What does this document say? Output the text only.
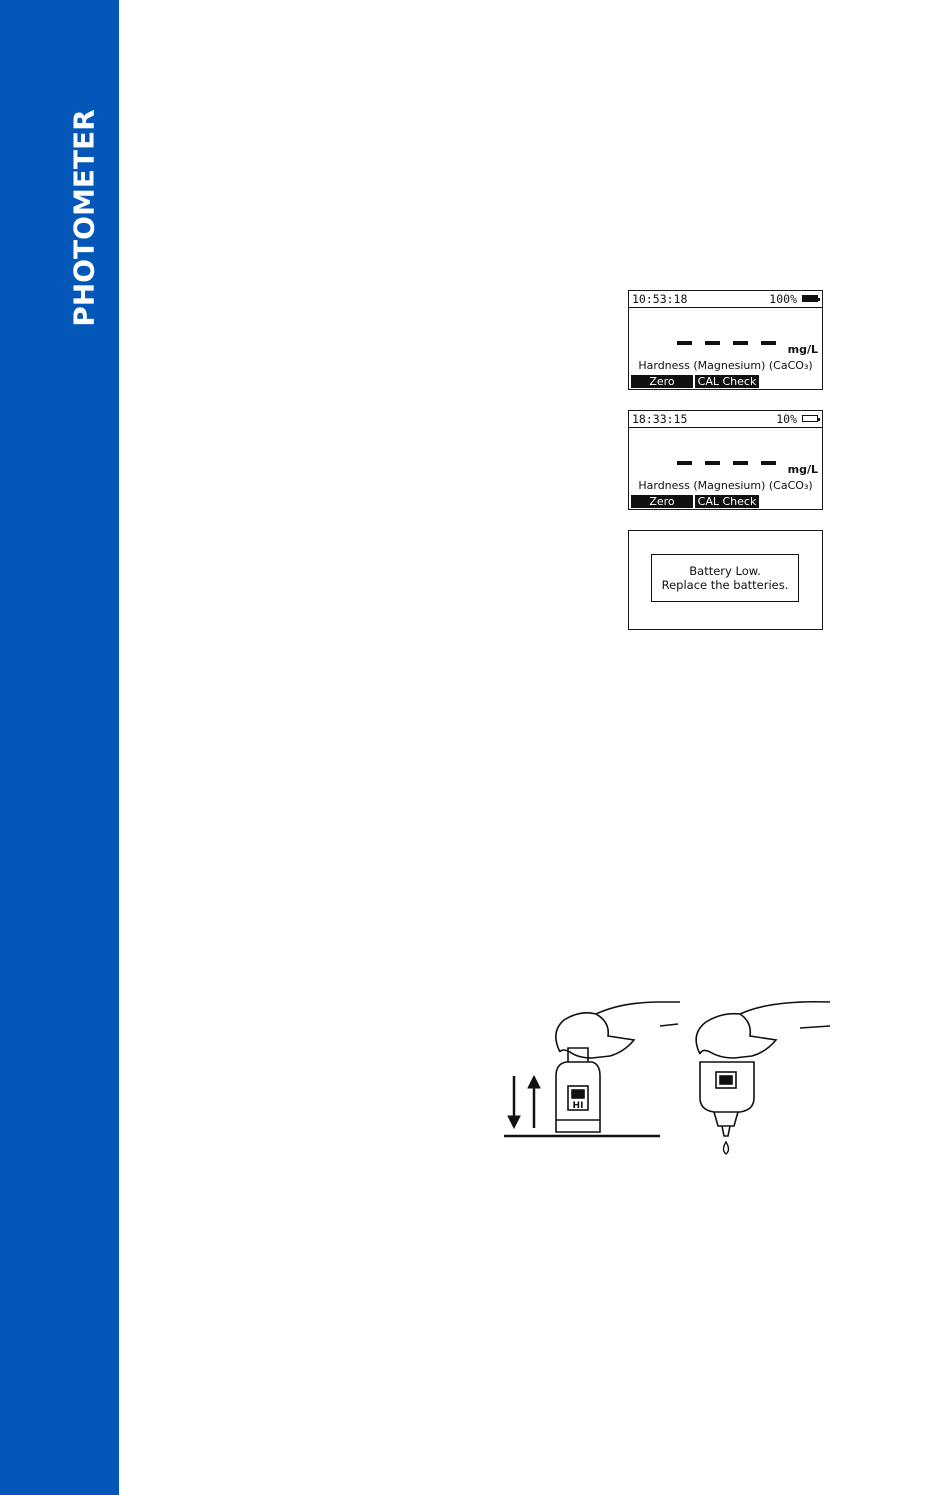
PHOTOMETER	10:53:18	100%
mg/L
Hardness (Magnesium) (CaCO₃)
Zero	CAL Check
18:33:15	10%
mg/L
Hardness (Magnesium) (CaCO₃)
Zero	CAL Check
Battery Low.
Replace the batteries.
HI
